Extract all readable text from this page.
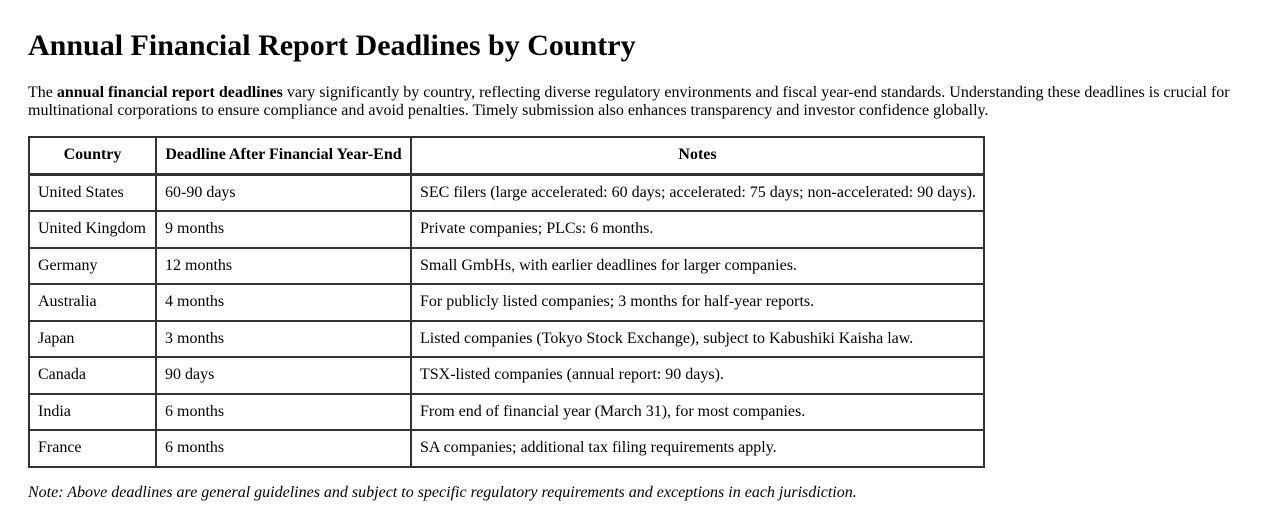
Annual Financial Report Deadlines by Country

The annual financial report deadlines vary significantly by country, reflecting diverse regulatory environments and fiscal year-end standards. Understanding these deadlines is crucial for multinational corporations to ensure compliance and avoid penalties. Timely submission also enhances transparency and investor confidence globally.

Country	Deadline After Financial Year-End	Notes
United States	60-90 days	SEC filers (large accelerated: 60 days; accelerated: 75 days; non-accelerated: 90 days).
United Kingdom	9 months	Private companies; PLCs: 6 months.
Germany	12 months	Small GmbHs, with earlier deadlines for larger companies.
Australia	4 months	For publicly listed companies; 3 months for half-year reports.
Japan	3 months	Listed companies (Tokyo Stock Exchange), subject to Kabushiki Kaisha law.
Canada	90 days	TSX-listed companies (annual report: 90 days).
India	6 months	From end of financial year (March 31), for most companies.
France	6 months	SA companies; additional tax filing requirements apply.

Note: Above deadlines are general guidelines and subject to specific regulatory requirements and exceptions in each jurisdiction.
